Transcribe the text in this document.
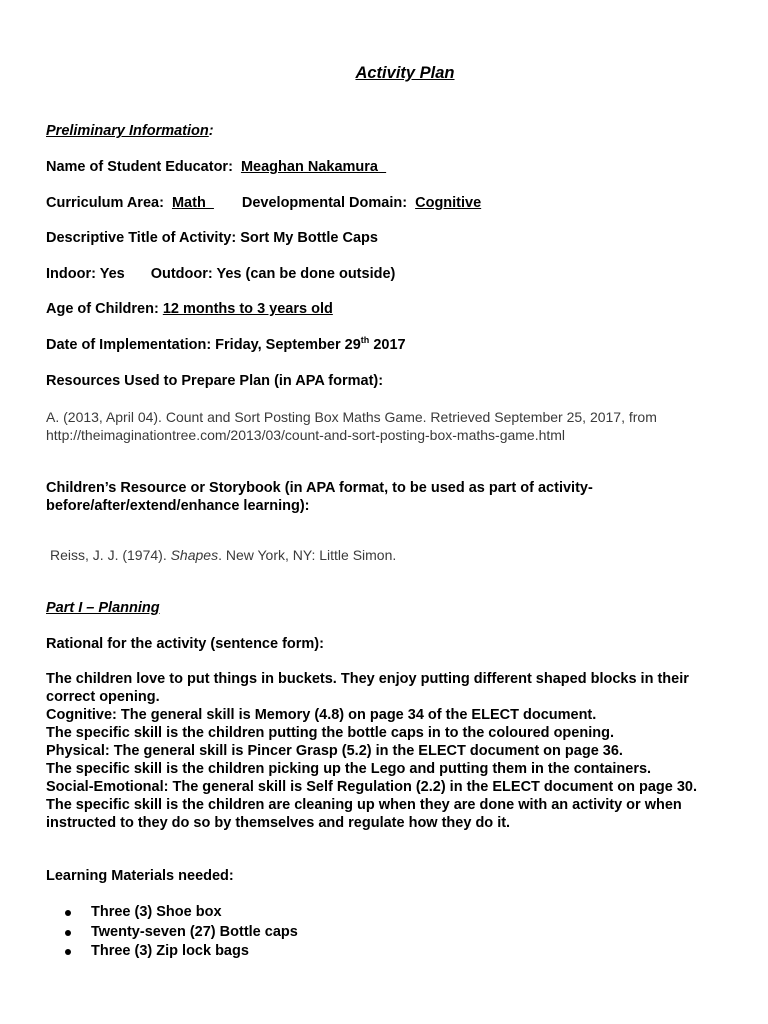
Activity Plan
Preliminary Information:
Name of Student Educator: Meaghan Nakamura_
Curriculum Area: Math_ Developmental Domain: Cognitive
Descriptive Title of Activity: Sort My Bottle Caps
Indoor: Yes Outdoor: Yes (can be done outside)
Age of Children: 12 months to 3 years old
Date of Implementation: Friday, September 29th 2017
Resources Used to Prepare Plan (in APA format):
A. (2013, April 04). Count and Sort Posting Box Maths Game. Retrieved September 25, 2017, from
http://theimaginationtree.com/2013/03/count-and-sort-posting-box-maths-game.html
Children’s Resource or Storybook (in APA format, to be used as part of activity-
before/after/extend/enhance learning):
Reiss, J. J. (1974). Shapes. New York, NY: Little Simon.
Part I – Planning
Rational for the activity (sentence form):
The children love to put things in buckets. They enjoy putting different shaped blocks in their
correct opening.
Cognitive: The general skill is Memory (4.8) on page 34 of the ELECT document.
The specific skill is the children putting the bottle caps in to the coloured opening.
Physical: The general skill is Pincer Grasp (5.2) in the ELECT document on page 36.
The specific skill is the children picking up the Lego and putting them in the containers.
Social-Emotional: The general skill is Self Regulation (2.2) in the ELECT document on page 30.
The specific skill is the children are cleaning up when they are done with an activity or when
instructed to they do so by themselves and regulate how they do it.
Learning Materials needed:
Three (3) Shoe box
Twenty-seven (27) Bottle caps
Three (3) Zip lock bags
